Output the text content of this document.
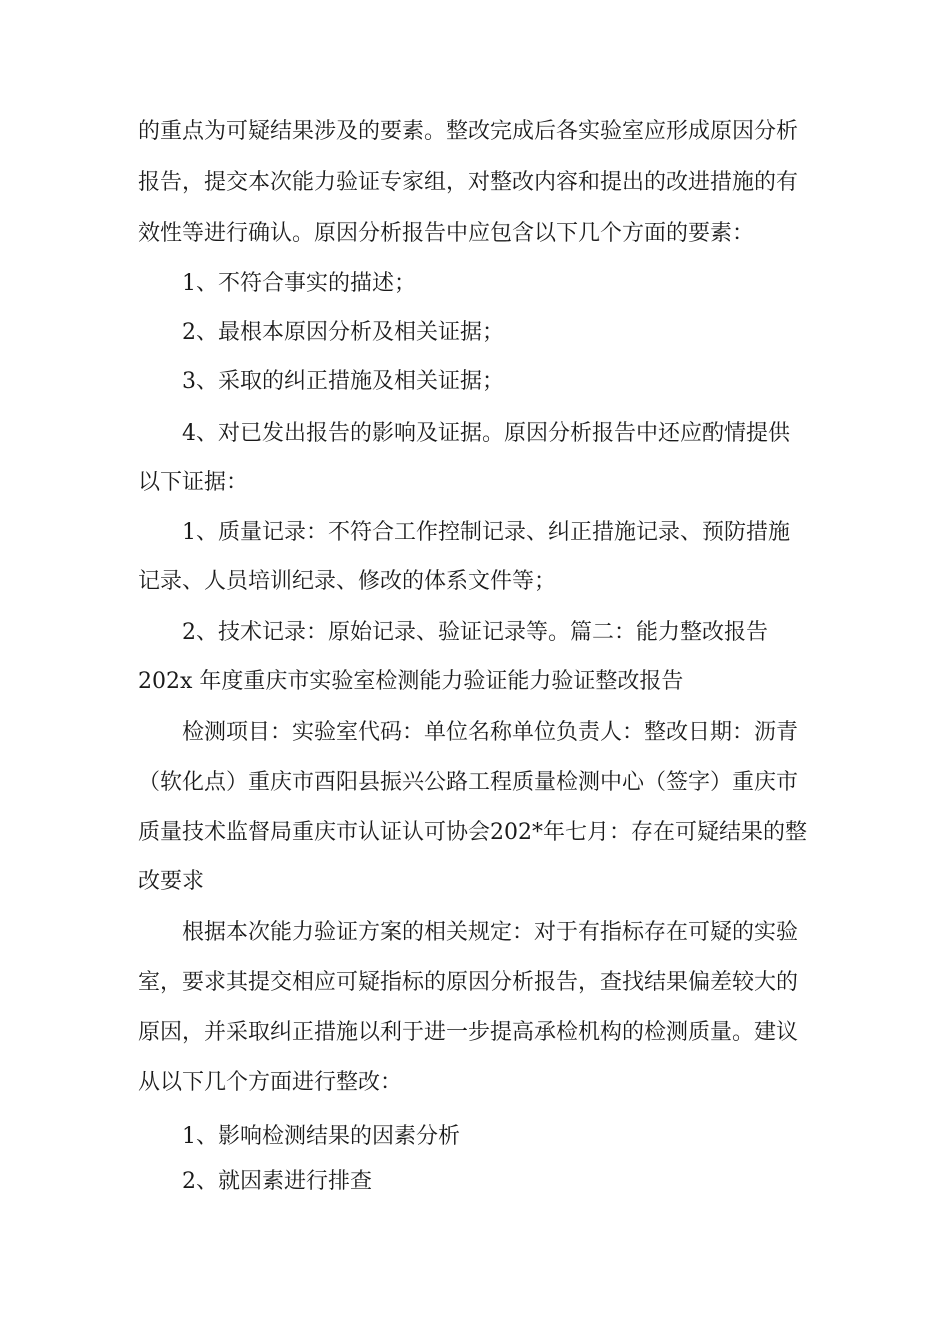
的重点为可疑结果涉及的要素。整改完成后各实验室应形成原因分析
报告，提交本次能力验证专家组，对整改内容和提出的改进措施的有
效性等进行确认。原因分析报告中应包含以下几个方面的要素：
1、不符合事实的描述；
2、最根本原因分析及相关证据；
3、采取的纠正措施及相关证据；
4、对已发出报告的影响及证据。原因分析报告中还应酌情提供
以下证据：
1、质量记录：不符合工作控制记录、纠正措施记录、预防措施
记录、人员培训纪录、修改的体系文件等；
2、技术记录：原始记录、验证记录等。篇二：能力整改报告
202x 年度重庆市实验室检测能力验证能力验证整改报告
检测项目：实验室代码：单位名称单位负责人：整改日期：沥青
（软化点）重庆市酉阳县振兴公路工程质量检测中心（签字）重庆市
质量技术监督局重庆市认证认可协会202*年七月：存在可疑结果的整
改要求
根据本次能力验证方案的相关规定：对于有指标存在可疑的实验
室，要求其提交相应可疑指标的原因分析报告，查找结果偏差较大的
原因，并采取纠正措施以利于进一步提高承检机构的检测质量。建议
从以下几个方面进行整改：
1、影响检测结果的因素分析
2、就因素进行排查
